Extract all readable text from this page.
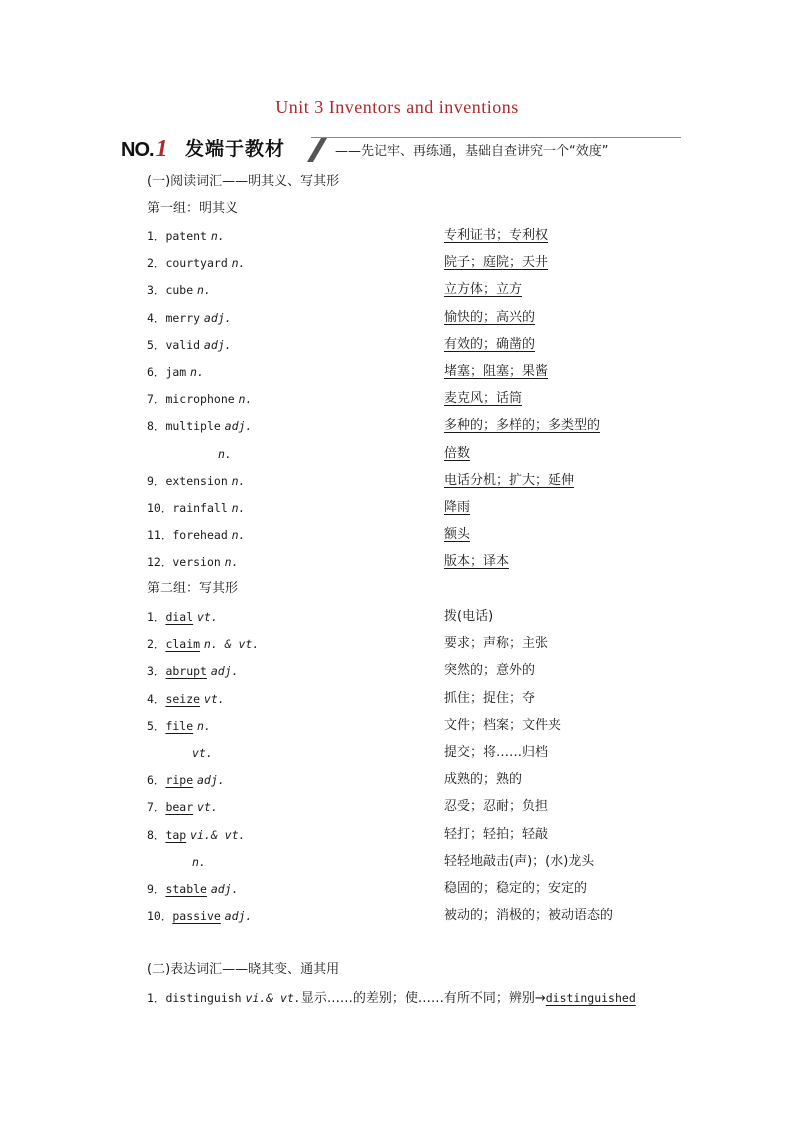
Unit 3 Inventors and inventions
NO.1 发端于教材	——先记牢、再练通，基础自查讲究一个“效度”
(一)阅读词汇——明其义、写其形
第一组：明其义
1．patent n.	专利证书；专利权
2．courtyard n.	院子；庭院；天井
3．cube n.	立方体；立方
4．merry adj.	愉快的；高兴的
5．valid adj.	有效的；确凿的
6．jam n.	堵塞；阻塞；果酱
7．microphone n.	麦克风；话筒
8．multiple adj.	多种的；多样的；多类型的
n.	倍数
9．extension n.	电话分机；扩大；延伸
10．rainfall n.	降雨
11．forehead n.	额头
12．version n.	版本；译本
第二组：写其形
1．dial vt.	拨(电话)
2．claim n. & vt.	要求；声称；主张
3．abrupt adj.	突然的；意外的
4．seize vt.	抓住；捉住；夺
5．file n.	文件；档案；文件夹
vt.	提交；将……归档
6．ripe adj.	成熟的；熟的
7．bear vt.	忍受；忍耐；负担
8．tap vi.& vt.	轻打；轻拍；轻敲
n.	轻轻地敲击(声)；(水)龙头
9．stable adj.	稳固的；稳定的；安定的
10．passive adj.	被动的；消极的；被动语态的
(二)表达词汇——晓其变、通其用
1．distinguish vi.& vt.显示……的差别；使……有所不同；辨别→distinguished
